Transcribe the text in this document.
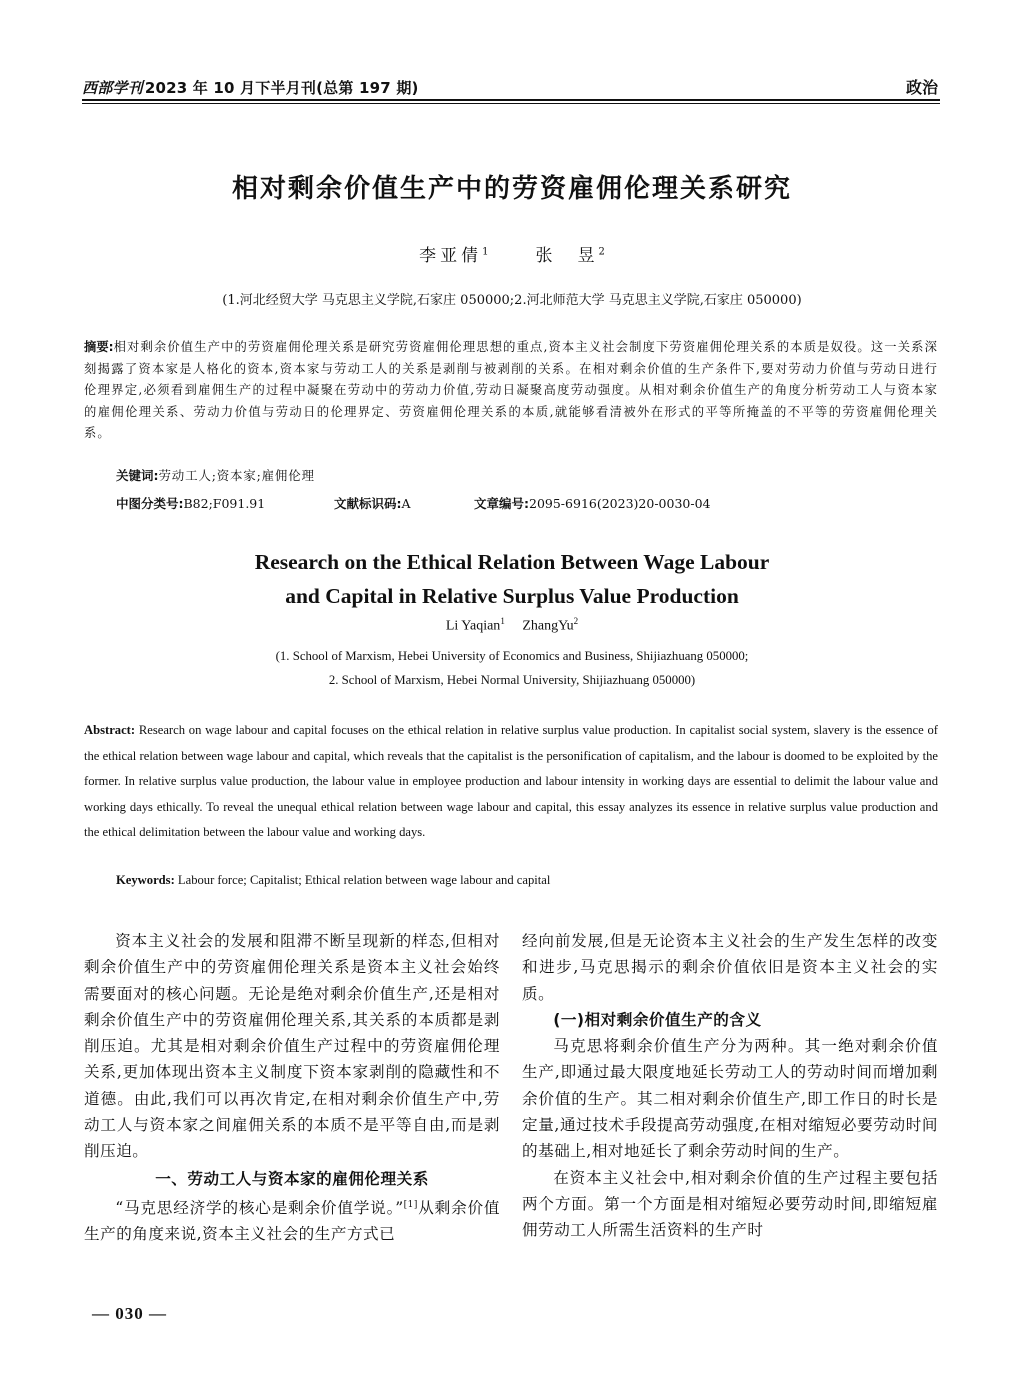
西部学刊 2023 年 10 月下半月刊(总第 197 期)	政治
相对剩余价值生产中的劳资雇佣伦理关系研究
李亚倩$^1$	张　昱$^2$
(1.河北经贸大学 马克思主义学院,石家庄 050000;2.河北师范大学 马克思主义学院,石家庄 050000)
摘要:相对剩余价值生产中的劳资雇佣伦理关系是研究劳资雇佣伦理思想的重点,资本主义社会制度下劳资雇佣伦理关系的本质是奴役。这一关系深刻揭露了资本家是人格化的资本,资本家与劳动工人的关系是剥削与被剥削的关系。在相对剩余价值的生产条件下,要对劳动力价值与劳动日进行伦理界定,必须看到雇佣生产的过程中凝聚在劳动中的劳动力价值,劳动日凝聚高度劳动强度。从相对剩余价值生产的角度分析劳动工人与资本家的雇佣伦理关系、劳动力价值与劳动日的伦理界定、劳资雇佣伦理关系的本质,就能够看清被外在形式的平等所掩盖的不平等的劳资雇佣伦理关系。
关键词:劳动工人;资本家;雇佣伦理
中图分类号:B82;F091.91	文献标识码:A	文章编号:2095-6916(2023)20-0030-04
Research on the Ethical Relation Between Wage Labour
and Capital in Relative Surplus Value Production
Li Yaqian$^1$ ZhangYu$^2$
(1. School of Marxism, Hebei University of Economics and Business, Shijiazhuang 050000;
2. School of Marxism, Hebei Normal University, Shijiazhuang 050000)
Abstract: Research on wage labour and capital focuses on the ethical relation in relative surplus value production. In capitalist social system, slavery is the essence of the ethical relation between wage labour and capital, which reveals that the capitalist is the personification of capitalism, and the labour is doomed to be exploited by the former. In relative surplus value production, the labour value in employee production and labour intensity in working days are essential to delimit the labour value and working days ethically. To reveal the unequal ethical relation between wage labour and capital, this essay analyzes its essence in relative surplus value production and the ethical delimitation between the labour value and working days.
Keywords: Labour force; Capitalist; Ethical relation between wage labour and capital

资本主义社会的发展和阻滞不断呈现新的样态,但相对剩余价值生产中的劳资雇佣伦理关系是资本主义社会始终需要面对的核心问题。无论是绝对剩余价值生产,还是相对剩余价值生产中的劳资雇佣伦理关系,其关系的本质都是剥削压迫。尤其是相对剩余价值生产过程中的劳资雇佣伦理关系,更加体现出资本主义制度下资本家剥削的隐藏性和不道德。由此,我们可以再次肯定,在相对剩余价值生产中,劳动工人与资本家之间雇佣关系的本质不是平等自由,而是剥削压迫。

一、劳动工人与资本家的雇佣伦理关系

“马克思经济学的核心是剩余价值学说。”[1]从剩余价值生产的角度来说,资本主义社会的生产方式已

经向前发展,但是无论资本主义社会的生产发生怎样的改变和进步,马克思揭示的剩余价值依旧是资本主义社会的实质。

(一)相对剩余价值生产的含义

马克思将剩余价值生产分为两种。其一绝对剩余价值生产,即通过最大限度地延长劳动工人的劳动时间而增加剩余价值的生产。其二相对剩余价值生产,即工作日的时长是定量,通过技术手段提高劳动强度,在相对缩短必要劳动时间的基础上,相对地延长了剩余劳动时间的生产。

在资本主义社会中,相对剩余价值的生产过程主要包括两个方面。第一个方面是相对缩短必要劳动时间,即缩短雇佣劳动工人所需生活资料的生产时

— 030 —
